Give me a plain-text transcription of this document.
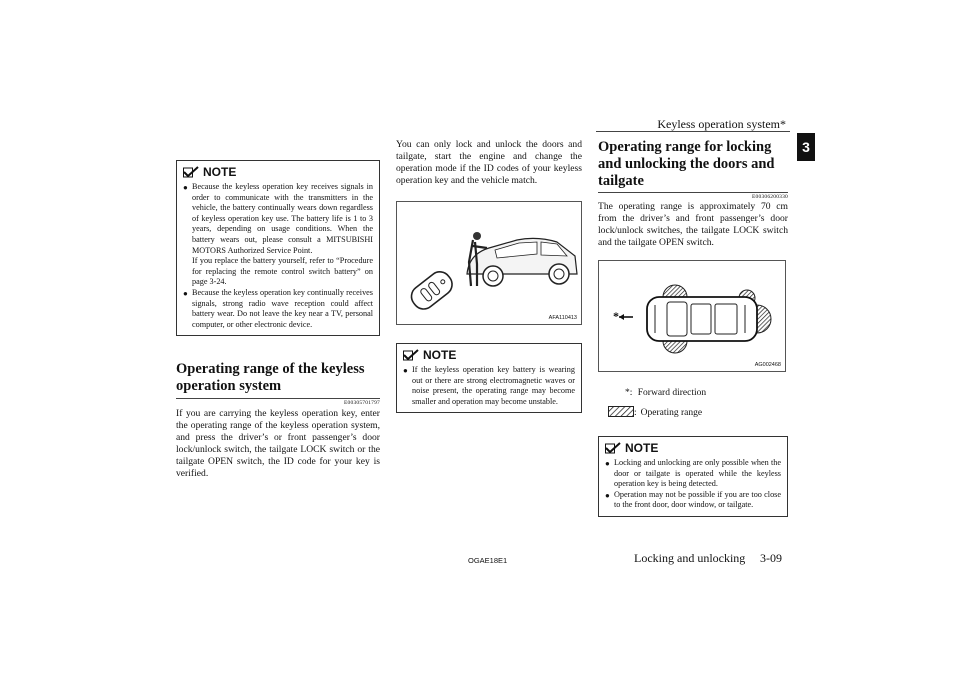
Keyless operation system*
3
NOTE
● Because the keyless operation key receives signals in order to communicate with the transmitters in the vehicle, the battery continually wears down regardless of keyless operation key use. The battery life is 1 to 3 years, depending on usage conditions. When the battery wears out, please consult a MITSUBISHI MOTORS Authorized Service Point.
If you replace the battery yourself, refer to “Procedure for replacing the remote control switch battery” on page 3-24.
● Because the keyless operation key continually receives signals, strong radio wave reception could affect battery wear. Do not leave the key near a TV, personal computer, or other electronic device.
Operating range of the keyless
operation system
E00305701797
If you are carrying the keyless operation key, enter the operating range of the keyless operation system, and press the driver’s or front passenger’s door lock/unlock switch, the tailgate LOCK switch or the tailgate OPEN switch, the ID code for your key is verified.
You can only lock and unlock the doors and tailgate, start the engine and change the operation mode if the ID codes of your keyless operation key and the vehicle match.
AFA110413
NOTE
● If the keyless operation key battery is wearing out or there are strong electromagnetic waves or noise present, the operating range may become smaller and operation may become unstable.
Operating range for locking
and unlocking the doors and
tailgate
E00306200330
The operating range is approximately 70 cm from the driver’s and front passenger’s door lock/unlock switches, the tailgate LOCK switch and the tailgate OPEN switch.
*
AG002468
*: Forward direction
: Operating range
NOTE
● Locking and unlocking are only possible when the door or tailgate is operated while the keyless operation key is being detected.
● Operation may not be possible if you are too close to the front door, door window, or tailgate.
OGAE18E1	Locking and unlocking 3-09
